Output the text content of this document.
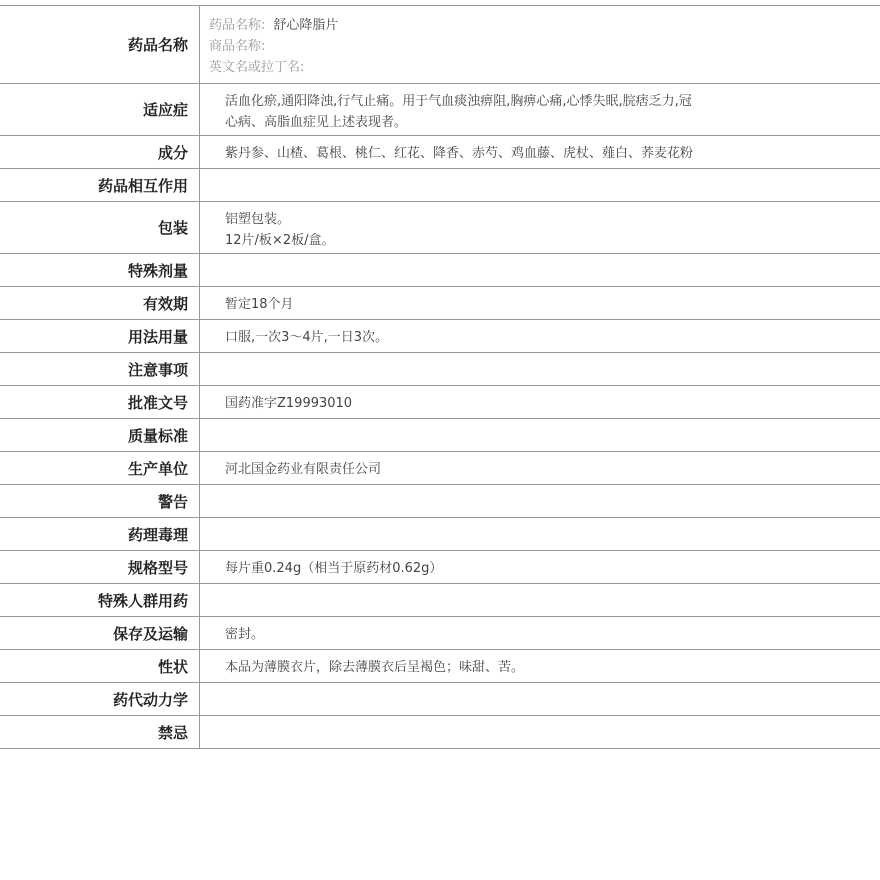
药品名称
药品名称: 舒心降脂片
商品名称:
英文名或拉丁名:
适应症	活血化瘀,通阳降浊,行气止痛。用于气血痰浊痹阻,胸痹心痛,心悸失眠,脘痞乏力,冠
心病、高脂血症见上述表现者。
成分	紫丹参、山楂、葛根、桃仁、红花、降香、赤芍、鸡血藤、虎杖、薤白、荞麦花粉
药品相互作用
包装	铝塑包装。
12片/板×2板/盒。
特殊剂量
有效期	暂定18个月
用法用量	口服,一次3～4片,一日3次。
注意事项
批准文号	国药准字Z19993010
质量标准
生产单位	河北国金药业有限责任公司
警告
药理毒理
规格型号	每片重0.24g（相当于原药材0.62g）
特殊人群用药
保存及运输	密封。
性状	本品为薄膜衣片，除去薄膜衣后呈褐色；味甜、苦。
药代动力学
禁忌
